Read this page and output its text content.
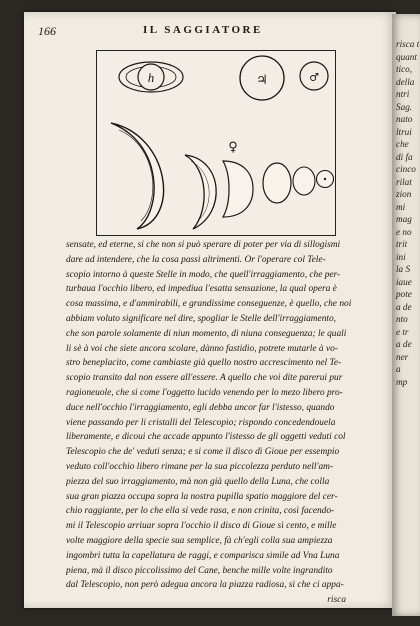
166	IL SAGGIATORE
h	♃	♂
♀
sensate, ed eterne, si che non si può sperare di poter per via di sillogismi
dare ad intendere, che la cosa passi altrimenti. Or l'operare col Tele-
scopio intorno à queste Stelle in modo, che quell'irraggiamento, che per-
turbaua l'occhio libero, ed impediua l'esatta sensazione, la qual opera è
cosa massima, e d'ammirabili, e grandissime conseguenze, è quello, che noi
abbiam voluto significare nel dire, spogliar le Stelle dell'irraggiamento,
che son parole solamente di niun momento, di niuna conseguenza; le quali
li sè à voi che siete ancora scolare, dànno fastidio, potrete mutarle à vo-
stro beneplacito, come cambiaste già quello nostro accrescimento nel Te-
scopio transito dal non essere all'essere. A quello che voi dite parerui pur
ragioneuole, che si come l'oggetto lucido venendo per lo mezo libero pro-
duce nell'occhio l'irraggiamento, egli debba ancor far l'istesso, quando
viene passando per li cristalli del Telescopio; rispondo concedendouela
liberamente, e dicoui che accade appunto l'istesso de gli oggetti veduti col
Telescopio che de' veduti senza; e si come il disco di Gioue per essempio
veduto coll'occhio libero rimane per la sua piccolezza perduto nell'am-
piezza del suo irraggiamento, mà non già quello della Luna, che colla
sua gran piazza occupa sopra la nostra pupilla spatio maggiore del cer-
chio raggiante, per lo che ella si vede rasa, e non crinita, così facendo-
mi il Telescopio arriuar sopra l'occhio il disco di Gioue sì cento, e mille
volte maggiore della specie sua semplice, fà ch'egli colla sua ampiezza
ingombri tutta la capellatura de raggi, e comparisca simile ad Vna Luna
piena, mà il disco piccolissimo del Cane, benche mille volte ingrandito
dal Telescopio, non però adegua ancora la piazza radiosa, sì che ci appa-
risca
risca t
quant
tico,
della
ntri
Sag.
nato
ltrui
che
di fa
cinco
rilat
zion
mi
mag
e no
trit
ini
la S
iaue
pote
a de
nto
e tr
a de
ner
a
mp
